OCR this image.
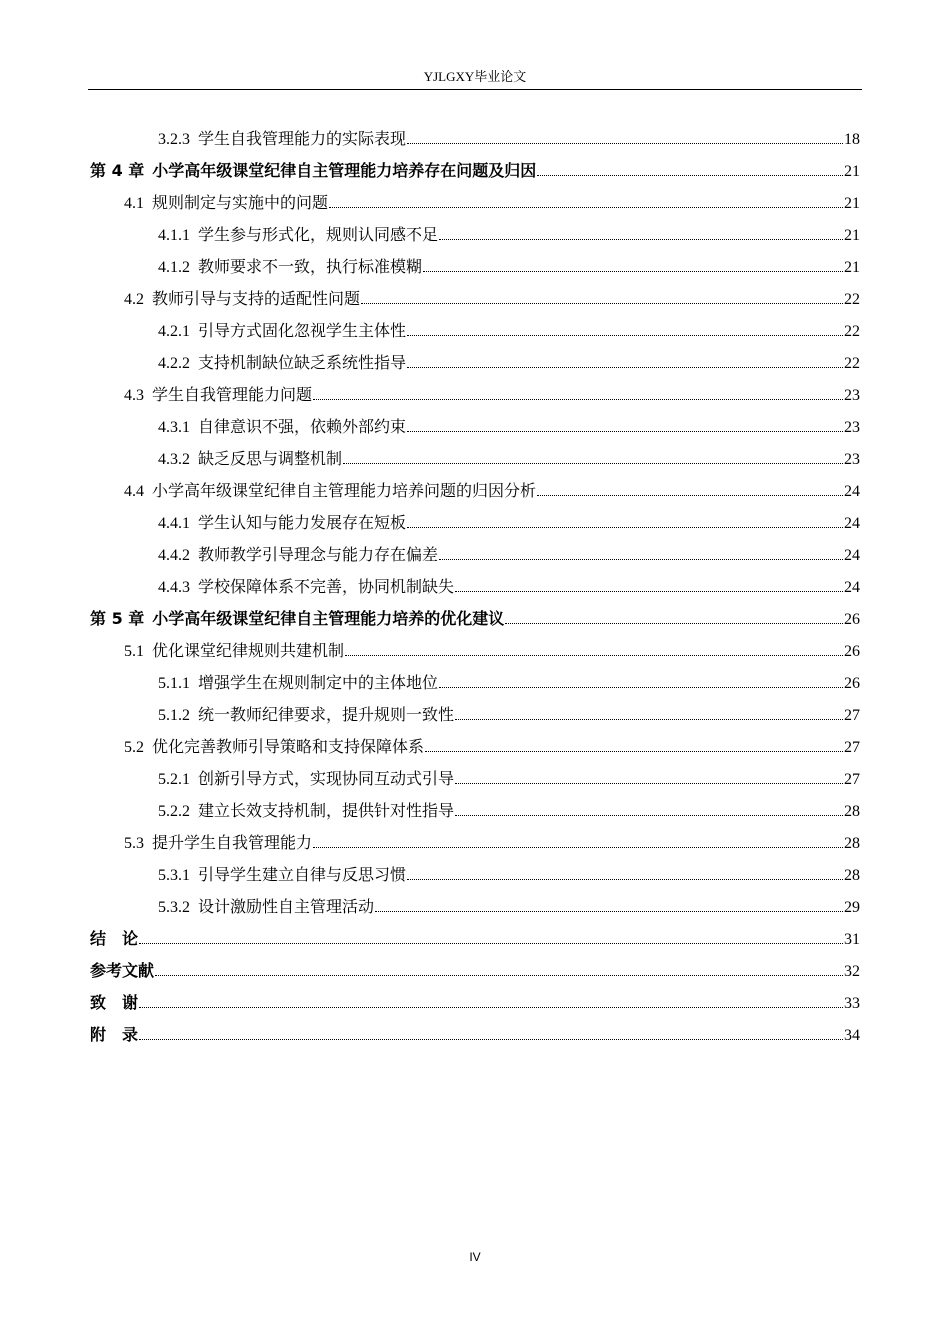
YJLGXY毕业论文
3.2.3 学生自我管理能力的实际表现	18
第 4 章 小学高年级课堂纪律自主管理能力培养存在问题及归因	21
4.1 规则制定与实施中的问题	21
4.1.1 学生参与形式化，规则认同感不足	21
4.1.2 教师要求不一致，执行标准模糊	21
4.2 教师引导与支持的适配性问题	22
4.2.1 引导方式固化忽视学生主体性	22
4.2.2 支持机制缺位缺乏系统性指导	22
4.3 学生自我管理能力问题	23
4.3.1 自律意识不强，依赖外部约束	23
4.3.2 缺乏反思与调整机制	23
4.4 小学高年级课堂纪律自主管理能力培养问题的归因分析	24
4.4.1 学生认知与能力发展存在短板	24
4.4.2 教师教学引导理念与能力存在偏差	24
4.4.3 学校保障体系不完善，协同机制缺失	24
第 5 章 小学高年级课堂纪律自主管理能力培养的优化建议	26
5.1 优化课堂纪律规则共建机制	26
5.1.1 增强学生在规则制定中的主体地位	26
5.1.2 统一教师纪律要求，提升规则一致性	27
5.2 优化完善教师引导策略和支持保障体系	27
5.2.1 创新引导方式，实现协同互动式引导	27
5.2.2 建立长效支持机制，提供针对性指导	28
5.3 提升学生自我管理能力	28
5.3.1 引导学生建立自律与反思习惯	28
5.3.2 设计激励性自主管理活动	29
结　论	31
参考文献	32
致　谢	33
附　录	34
IV
